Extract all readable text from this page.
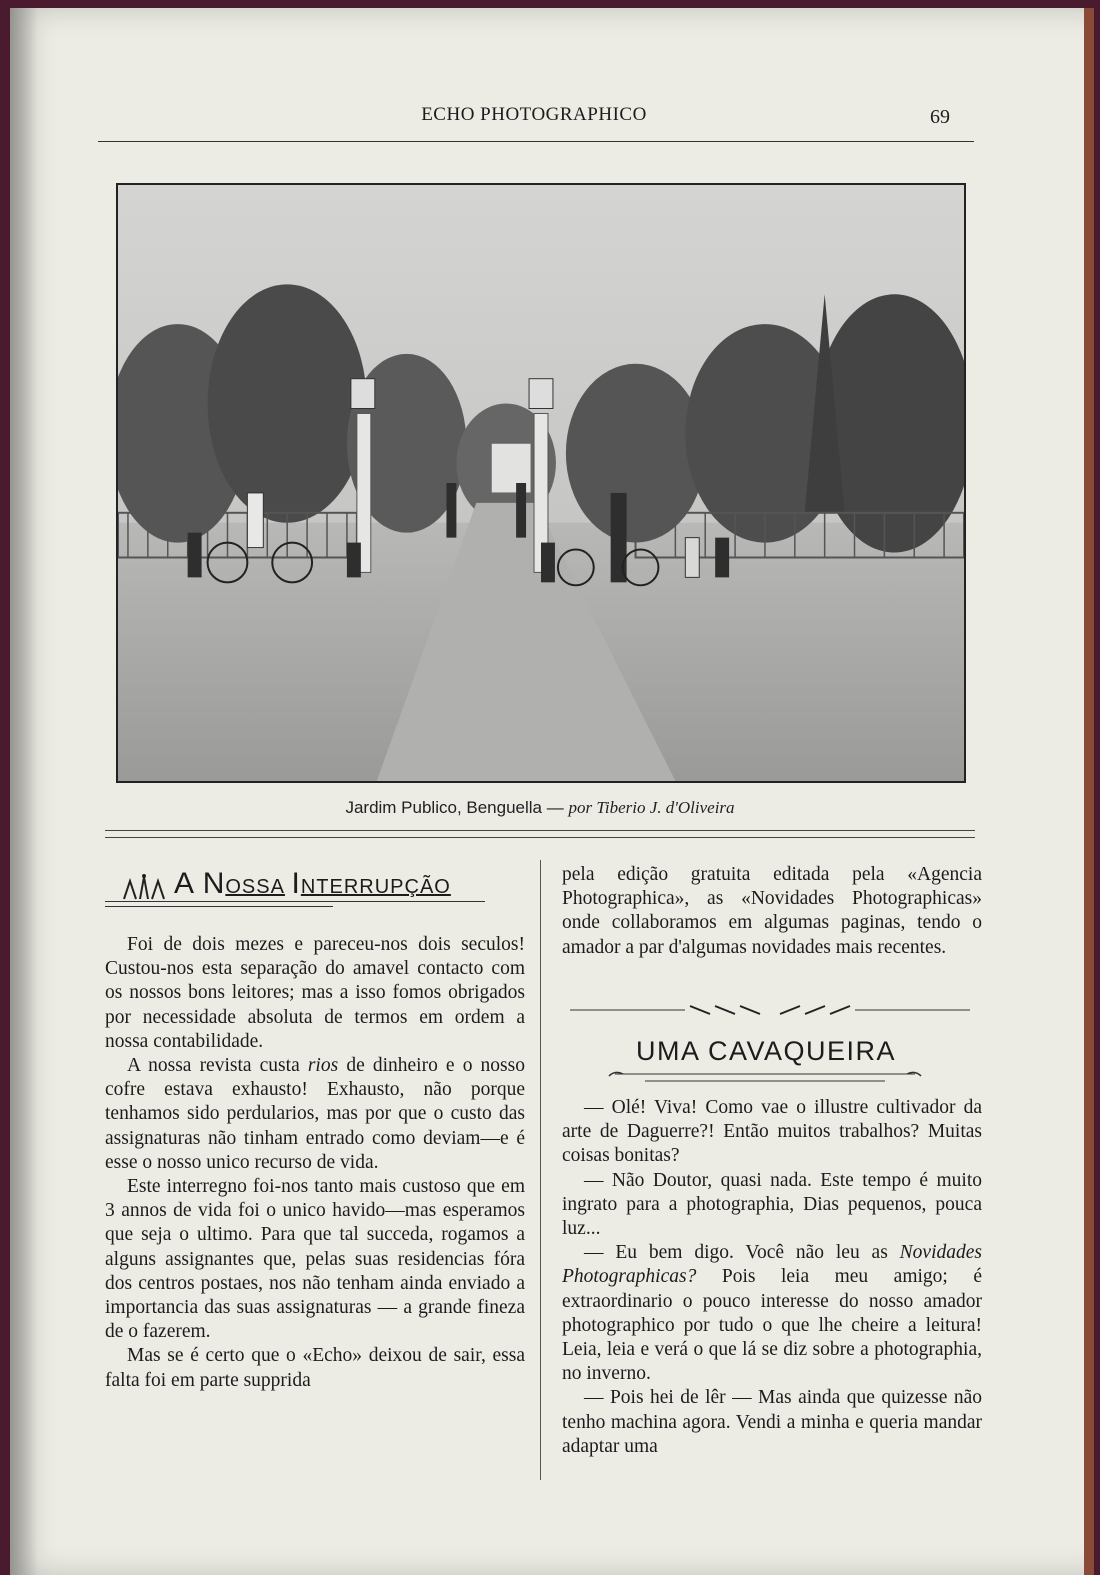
ECHO PHOTOGRAPHICO	69
Jardim Publico, Benguella — por Tiberio J. d'Oliveira
A NOSSA INTERRUPÇÃO

Foi de dois mezes e pareceu-nos dois seculos! Custou-nos esta separação do amavel contacto com os nossos bons leitores; mas a isso fomos obrigados por necessidade absoluta de termos em ordem a nossa contabilidade.

A nossa revista custa rios de dinheiro e o nosso cofre estava exhausto! Exhausto, não porque tenhamos sido perdularios, mas por que o custo das assignaturas não tinham entrado como deviam—e é esse o nosso unico recurso de vida.

Este interregno foi-nos tanto mais custoso que em 3 annos de vida foi o unico havido—mas esperamos que seja o ultimo. Para que tal succeda, rogamos a alguns assignantes que, pelas suas residencias fóra dos centros postaes, nos não tenham ainda enviado a importancia das suas assignaturas — a grande fineza de o fazerem.

Mas se é certo que o «Echo» deixou de sair, essa falta foi em parte supprida

pela edição gratuita editada pela «Agencia Photographica», as «Novidades Photographicas» onde collaboramos em algumas paginas, tendo o amador a par d'algumas novidades mais recentes.

UMA CAVAQUEIRA

— Olé! Viva! Como vae o illustre cultivador da arte de Daguerre?! Então muitos trabalhos? Muitas coisas bonitas?

— Não Doutor, quasi nada. Este tempo é muito ingrato para a photographia, Dias pequenos, pouca luz...

— Eu bem digo. Você não leu as Novidades Photographicas? Pois leia meu amigo; é extraordinario o pouco interesse do nosso amador photographico por tudo o que lhe cheire a leitura! Leia, leia e verá o que lá se diz sobre a photographia, no inverno.

— Pois hei de lêr — Mas ainda que quizesse não tenho machina agora. Vendi a minha e queria mandar adaptar uma
